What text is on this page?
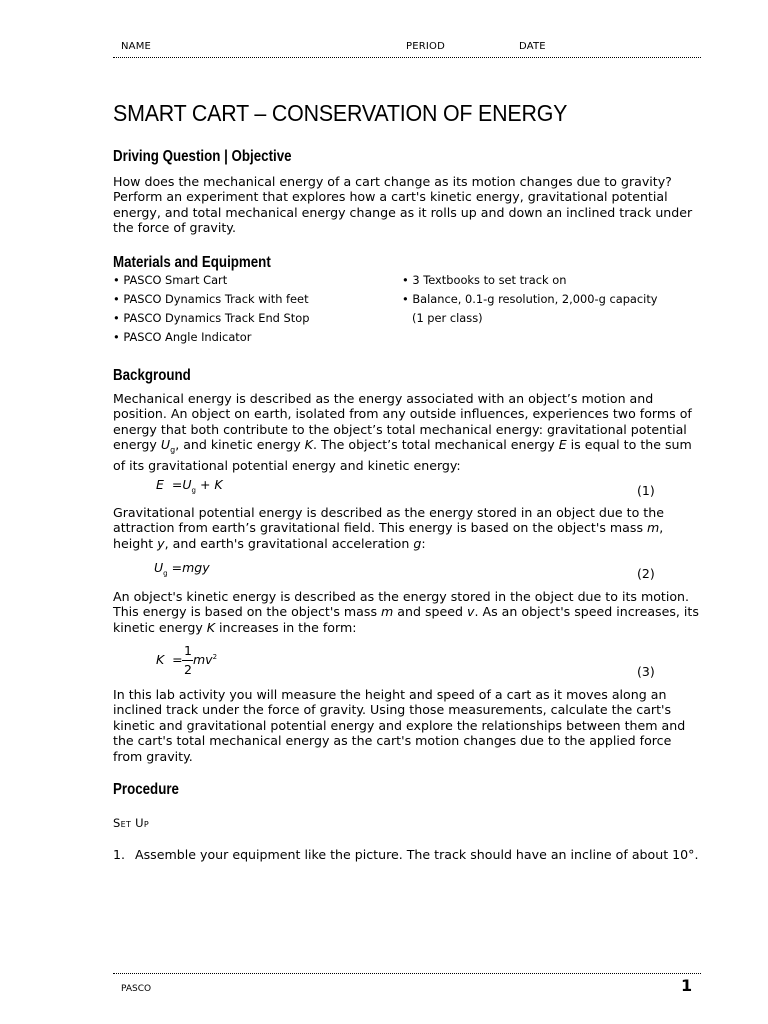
NAME	PERIOD	DATE
SMART CART – CONSERVATION OF ENERGY
Driving Question | Objective
How does the mechanical energy of a cart change as its motion changes due to gravity?
Perform an experiment that explores how a cart's kinetic energy, gravitational potential
energy, and total mechanical energy change as it rolls up and down an inclined track under
the force of gravity.
Materials and Equipment
• PASCO Smart Cart
• PASCO Dynamics Track with feet
• PASCO Dynamics Track End Stop
• PASCO Angle Indicator
• 3 Textbooks to set track on
• Balance, 0.1-g resolution, 2,000-g capacity
(1 per class)
Background
Mechanical energy is described as the energy associated with an object’s motion and
position. An object on earth, isolated from any outside influences, experiences two forms of
energy that both contribute to the object’s total mechanical energy: gravitational potential
energy $U_g$, and kinetic energy K. The object’s total mechanical energy E is equal to the sum
of its gravitational potential energy and kinetic energy:
$E =U_g + K$	(1)
Gravitational potential energy is described as the energy stored in an object due to the
attraction from earth’s gravitational field. This energy is based on the object's mass m,
height y, and earth's gravitational acceleration g:
$U_g =mgy$	(2)
An object's kinetic energy is described as the energy stored in the object due to its motion.
This energy is based on the object's mass m and speed v. As an object's speed increases, its
kinetic energy K increases in the form:
K =
1
2
$mv^2$
(3)
In this lab activity you will measure the height and speed of a cart as it moves along an
inclined track under the force of gravity. Using those measurements, calculate the cart's
kinetic and gravitational potential energy and explore the relationships between them and
the cart's total mechanical energy as the cart's motion changes due to the applied force
from gravity.
Procedure
Set Up
1. Assemble your equipment like the picture. The track should have an incline of about 10°.
PASCO	1
